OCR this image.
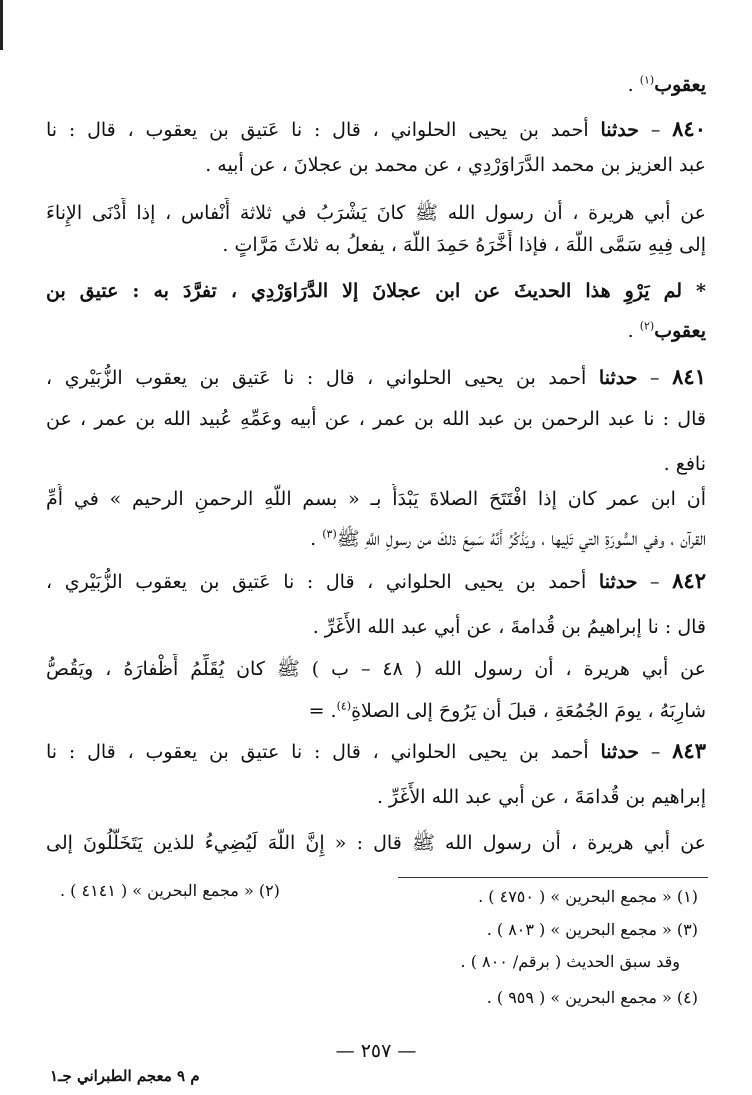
يعقوب$^{(١)}$ .
٨٤٠ – حدثنا أحمد بن يحيى الحلواني ، قال : نا عَتيق بن يعقوب ، قال : نا
عبد العزيز بن محمد الدَّرَاوَرْدِي ، عن محمد بن عجلانَ ، عن أبيه .
عن أبي هريرة ، أن رسول الله ﷺ كانَ يَشْرَبُ في ثلاثة أَنْفاس ، إذا أَدْنَى الإِناءَ
إلى فِيهِ سَمَّى اللَّهَ ، فإذا أَخَّرَهُ حَمِدَ اللَّهَ ، يفعلُ به ثلاثَ مَرَّاتٍ .
* لم يَرْوِ هذا الحديثَ عن ابن عجلانَ إلا الدَّرَاوَرْدِي ، تفرَّدَ به : عتيق بن
يعقوب$^{(٢)}$ .
٨٤١ – حدثنا أحمد بن يحيى الحلواني ، قال : نا عَتيق بن يعقوب الزُّبَيْري ،
قال : نا عبد الرحمن بن عبد الله بن عمر ، عن أبيه وعَمِّهِ عُبيد الله بن عمر ، عن
نافع .
أن ابن عمر كان إذا افْتَتَحَ الصلاةَ يَبْدَأُ بـ « بسم اللَّهِ الرحمنِ الرحيم » في أُمِّ
القرآن ، وفي السُّورَةِ التي تَلِيها ، ويَذْكُرُ أَنَّهُ سَمِعَ ذلكَ من رسولِ اللَّهِ ﷺ$^{(٣)}$ .
٨٤٢ – حدثنا أحمد بن يحيى الحلواني ، قال : نا عَتيق بن يعقوب الزُّبَيْري ،
قال : نا إبراهيمُ بن قُدامةَ ، عن أبي عبد الله الأَغَرِّ .
عن أبي هريرة ، أن رسول الله ( ٤٨ – ب ) ﷺ كان يُقَلِّمُ أَظْفارَهُ ، ويَقُصُّ
شارِبَهُ ، يومَ الجُمُعَةِ ، قبلَ أن يَرُوحَ إلى الصلاةِ$^{(٤)}$. =
٨٤٣ – حدثنا أحمد بن يحيى الحلواني ، قال : نا عتيق بن يعقوب ، قال : نا
إبراهيم بن قُدامَةَ ، عن أبي عبد الله الأَغَرِّ .
عن أبي هريرة ، أن رسول الله ﷺ قال : « إِنَّ اللَّهَ لَيُضِيءُ للذين يَتَخَلَّلُونَ إلى
(١) « مجمع البحرين » ( ٤٧٥٠ ) .
(٢) « مجمع البحرين » ( ٤١٤١ ) .
(٣) « مجمع البحرين » ( ٨٠٣ ) .
وقد سبق الحديث ( برقم/ ٨٠٠ ) .
(٤) « مجمع البحرين » ( ٩٥٩ ) .
— ٢٥٧ —
م ٩ معجم الطبراني جـ١
